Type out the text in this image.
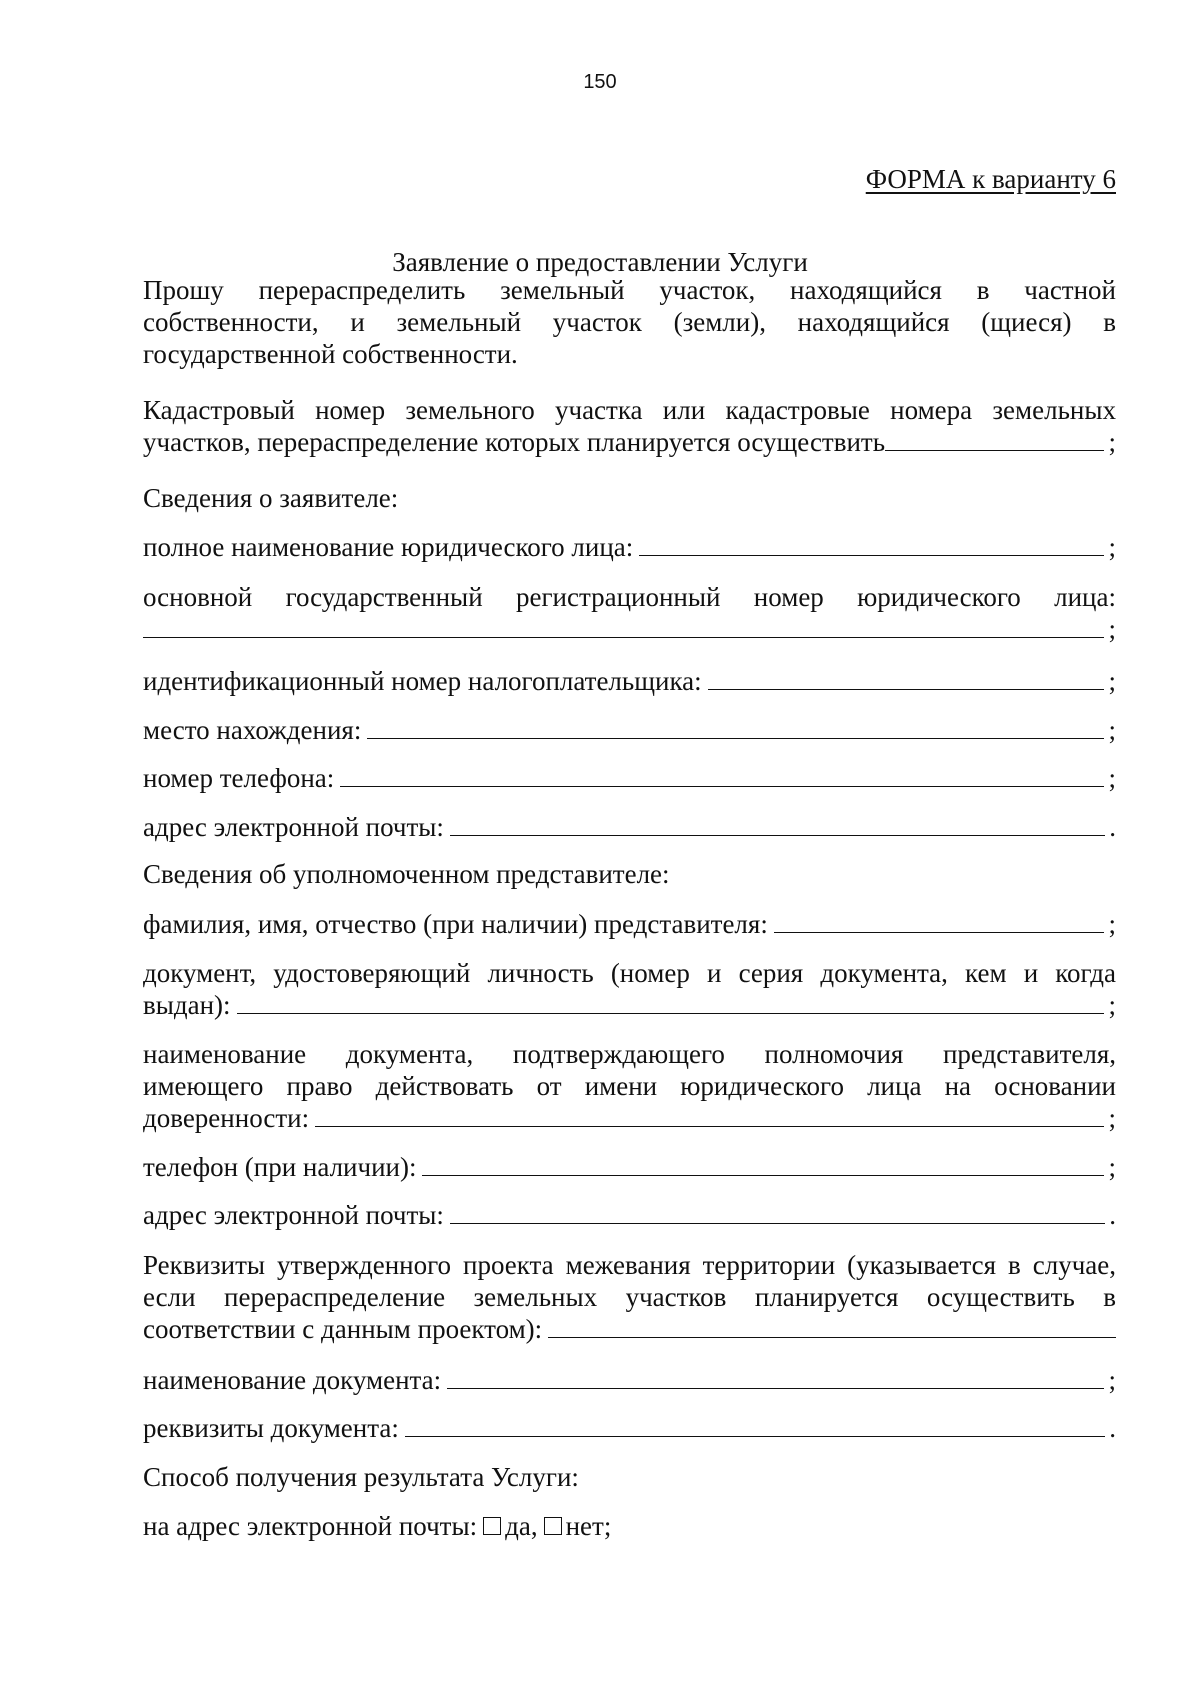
150
ФОРМА к варианту 6
Заявление о предоставлении Услуги
Прошу перераспределить земельный участок, находящийся в частной
собственности, и земельный участок (земли), находящийся (щиеся) в
государственной собственности.
Кадастровый номер земельного участка или кадастровые номера земельных
участков, перераспределение которых планируется осуществить	;
Сведения о заявителе:
полное наименование юридического лица:	;
основной государственный регистрационный номер юридического лица:
;
идентификационный номер налогоплательщика:	;
место нахождения:	;
номер телефона:	;
адрес электронной почты:	.
Сведения об уполномоченном представителе:
фамилия, имя, отчество (при наличии) представителя:	;
документ, удостоверяющий личность (номер и серия документа, кем и когда
выдан):	;
наименование документа, подтверждающего полномочия представителя,
имеющего право действовать от имени юридического лица на основании
доверенности:	;
телефон (при наличии):	;
адрес электронной почты:	.
Реквизиты утвержденного проекта межевания территории (указывается в случае,
если перераспределение земельных участков планируется осуществить в
соответствии с данным проектом):
наименование документа:	;
реквизиты документа:	.
Способ получения результата Услуги:
на адрес электронной почты: да, нет;
